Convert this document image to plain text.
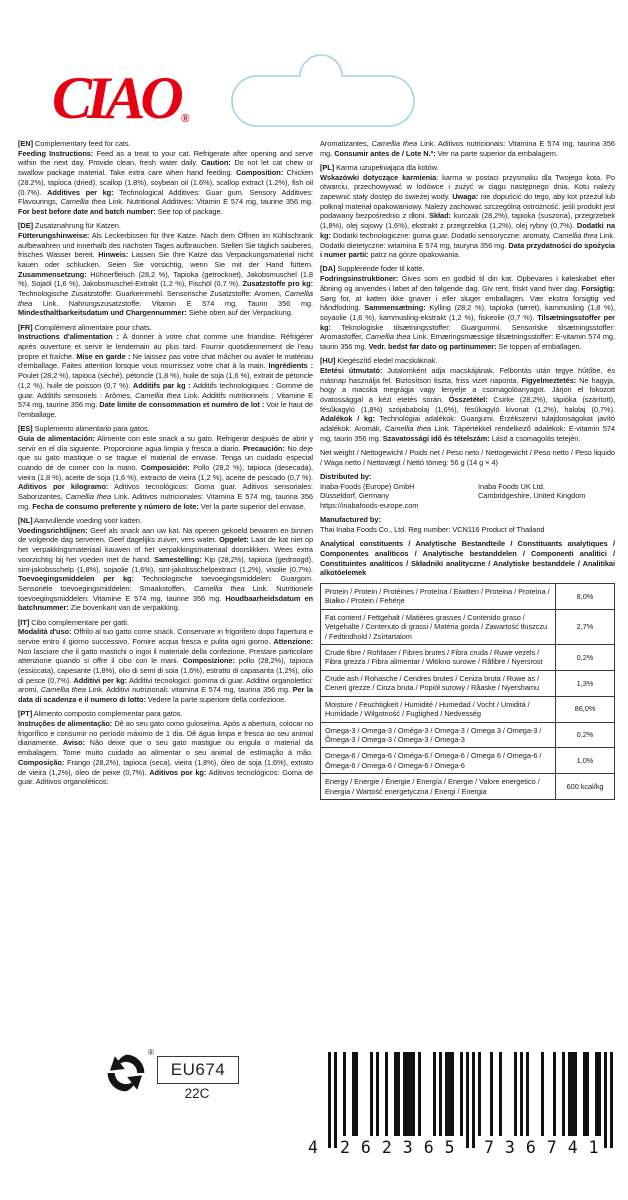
CIAO ®
[EN] Complementary feed for cats.
Feeding Instructions: Feed as a treat to your cat. Refrigerate after opening and serve within the next day. Provide clean, fresh water daily. Caution: Do not let cat chew or swallow package material. Take extra care when hand feeding. Composition: Chicken (28.2%), tapioca (dried), scallop (1.8%), soybean oil (1.6%), scallop extract (1.2%), fish oil (0.7%). Additives per kg: Technological Additives: Guar gum. Sensory Additives: Flavourings, Camellia thea Link. Nutritional Additives: Vitamin E 574 mg, taurine 356 mg. For best before date and batch number: See top of package.
[DE] Zusatznahrung für Katzen.
Fütterungshinweise: Als Leckerbissen für Ihre Katze. Nach dem Öffnen im Kühlschrank aufbewahren und innerhalb des nächsten Tages aufbrauchen. Stellen Sie täglich sauberes, frisches Wasser bereit. Hinweis: Lassen Sie Ihre Katze das Verpackungsmaterial nicht kauen oder schlucken. Seien Sie vorsichtig, wenn Sie mit der Hand füttern. Zusammensetzung: Hühnerfleisch (28,2 %), Tapioka (getrocknet), Jakobsmuschel (1,8 %), Sojaöl (1,6 %), Jakobsmuschel-Extrakt (1,2 %), Fischöl (0,7 %). Zusatzstoffe pro kg: Technologische Zusatzstoffe: Guarkernmehl. Sensorische Zusatzstoffe: Aromen, Camellia thea Link. Nahrungszusatzstoffe: Vitamin E 574 mg, Taurin 356 mg. Mindesthaltbarkeitsdatum und Chargennummer: Siehe oben auf der Verpackung.
[FR] Complément alimentaire pour chats.
Instructions d'alimentation : À donner à votre chat comme une friandise. Réfrigérer après ouverture et servir le lendemain au plus tard. Fournir quotidiennement de l'eau propre et fraîche. Mise en garde : Ne laissez pas votre chat mâcher ou avaler le matériau d'emballage. Faites attention lorsque vous nourrissez votre chat à la main. Ingrédients : Poulet (28,2 %), tapioca (séché), pétoncle (1,8 %), huile de soja (1,6 %), extrait de pétoncle (1,2 %), huile de poisson (0,7 %). Additifs par kg : Additifs technologiques : Gomme de guar. Additifs sensoriels : Arômes, Camellia thea Link. Additifs nutritionnels : Vitamine E 574 mg, taurine 356 mg. Date limite de consommation et numéro de lot : Voir le haut de l'emballage.
[ES] Suplemento alimentario para gatos.
Guía de alimentación: Alimente con este snack a su gato. Refrigerar después de abrir y servir en el día siguiente. Proporcione agua limpia y fresca a diario. Precaución: No deje que su gato mastique o se trague el material de envase. Tenga un cuidado especial cuando dé de comer con la mano. Composición: Pollo (28,2 %), tapioca (desecada), vieira (1,8 %), aceite de soja (1,6 %), extracto de vieira (1,2 %), aceite de pescado (0,7 %). Aditivos por kilogramo: Aditivos tecnológicos: Goma guar. Aditivos sensoriales: Saborizantes, Camellia thea Link. Aditivos nutricionales: Vitamina E 574 mg, taurina 356 mg. Fecha de consumo preferente y número de lote: Ver la parte superior del envase.
[NL] Aanvullende voeding voor katten.
Voedingsrichtlijnen: Geef als snack aan uw kat. Na openen gekoeld bewaren en binnen de volgende dag serveren. Geef dagelijks zuiver, vers water. Opgelet: Laat de kat niet op het verpakkingsmateriaal kauwen of het verpakkingsmateriaal doorslikken. Wees extra voorzichtig bij het voeden met de hand. Samestelling: Kip (28,2%), tapioca (gedroogd), sint-jakobsschelp (1,8%), sojaolie (1,6%), sint-jakobsschelpextract (1,2%), visolie (0,7%). Toevoegingsmiddelen per kg: Technologische toevoegingsmiddelen: Guargom. Sensoriële toevoegingsmiddelen: Smaakstoffen, Camellia thea Link. Nutritionele toevoegingsmiddelen: Vitamine E 574 mg, taurine 356 mg. Houdbaarheidsdatum en batchnummer: Zie bovenkant van de verpakking.
[IT] Cibo complementare per gatti.
Modalità d'uso: Offrilo al tuo gatto come snack. Conservare in frigorifero dopo l'apertura e servire entro il giorno successivo. Fornire acqua fresca e pulita ogni giorno. Attenzione: Non lasciare che il gatto mastichi o ingoi il materiale della confezione. Prestare particolare attenzione quando si offre il cibo con le mani. Composizione: pollo (28,2%), tapioca (essiccata), capesante (1,8%), olio di semi di soia (1,6%), estratto di capasanta (1,2%), olio di pesce (0,7%). Additivi per kg: Additivi tecnologici: gomma di guar. Additivi organolettici: aromi, Camellia thea Link. Additivi nutrizionali: vitamina E 574 mg, taurina 356 mg. Per la data di scadenza e il numero di lotto: Vedere la parte superiore della confezione.
[PT] Alimento composto complementar para gatos.
Instruções de alimentação: Dê ao seu gato como guloseima. Após a abertura, colocar no frigorífico e consumir no período máximo de 1 dia. Dê água limpa e fresca ao seu animal diariamente. Aviso: Não deixe que o seu gato mastigue ou engula o material da embalagem. Tome muito cuidado ao alimentar o seu animal de estimação à mão. Composição: Frango (28,2%), tapioca (seca), vieira (1,8%), óleo de soja (1,6%), extrato de vieira (1,2%), óleo de peixe (0,7%). Aditivos por kg: Aditivos tecnológicos: Goma de guar. Aditivos organoléticos:
Aromatizantes, Camellia thea Link. Aditivos nutricionais: Vitamina E 574 mg, taurina 356 mg. Consumir antes de / Lote N.º: Ver na parte superior da embalagem.
[PL] Karma uzupełniająca dla kotów.
Wskazówki dotyczące karmienia: karma w postaci przysmaku dla Twojego kota. Po otwarciu, przechowywać w lodówce i zużyć w ciągu następnego dnia. Kotu należy zapewnić stały dostęp do świeżej wody. Uwaga: nie dopuścić do tego, aby kot przeżuł lub połknął materiał opakowaniowy. Należy zachować szczególną ostrożność, jeśli produkt jest podawany bezpośrednio z dłoni. Skład: kurczak (28,2%), tapioka (suszona), przegrzebek (1,8%), olej sojowy (1,6%), ekstrakt z przegrzebka (1,2%), olej rybny (0,7%). Dodatki na kg: Dodatki technologiczne: guma guar. Dodatki sensoryczne: aromaty, Camellia thea Link. Dodatki dietetyczne: witamina E 574 mg, tauryna 356 mg. Data przydatności do spożycia i numer partii: patrz na górze opakowania.
[DA] Supplerende foder til katte.
Fodringsinstruktioner: Gives som en godbid til din kat. Opbevares i køleskabet efter åbning og anvendes i løbet af den følgende dag. Giv rent, friskt vand hver dag. Forsigtig: Sørg for, at katten ikke gnaver i eller sluger emballagen. Vær ekstra forsigtig ved håndfodring. Sammensætning: Kylling (28,2 %), tapioka (tørret), kammusling (1,8 %), soyaolie (1,6 %), kammusling-ekstrakt (1,2 %), fiskeolie (0,7 %). Tilsætningsstoffer per kg: Teknologiske tilsætningsstoffer: Guargummi. Sensoriske tilsætningsstoffer: Aromastoffer, Camellia thea Link. Ernæringsmæssige tilsætningsstoffer: E-vitamin 574 mg, taurin 356 mg. Vedr. bedst før dato og partinummer: Se toppen af emballagen.
[HU] Kiegészítő eledel macskáknak.
Etetési útmutató: Jutalomként adja macskájának. Felbontás után tegye hűtőbe, és másnap használja fel. Biztosítson tiszta, friss vizet naponta. Figyelmeztetés: Ne hagyja, hogy a macska megrágja vagy lenyelje a csomagolóanyagot. Járjon el fokozott óvatossággal a kézi etetés során. Összetétel: Csirke (28,2%), tápióka (szárított), fésűkagyló (1,8%) szójababolaj (1,6%), fésűkagyló kivonat (1,2%), halolaj (0,7%). Adalékok / kg: Technológiai adalékok: Guargumi. Érzékszervi tulajdonságokat javító adalékok: Aromák, Camellia thea Link. Tápértékkel rendelkező adalékok: E-vitamin 574 mg, taurin 356 mg. Szavatossági idő és tételszám: Lásd a csomagolás tetején.
Net weight / Nettogewicht / Poids net / Peso neto / Nettogewicht / Peso netto / Peso liquido / Waga netto / Nettovægt / Nettó tömeg: 56 g (14 g × 4)
Distributed by:
Inaba-Foods (Europe) GmbH
Düsseldorf, Germany
https://inabafoods-europe.com
Inaba Foods UK Ltd.
Cambridgeshire, United Kingdom
Manufactured by:
Thai Inaba Foods Co., Ltd. Reg number: VCN116 Product of Thailand
Analytical constituents / Analytische Bestandteile / Constituants analytiques / Componentes analíticos / Analytische bestanddelen / Componenti analitici / Constituintes analíticos / Składniki analityczne / Analytiske bestanddele / Analitikai alkotóelemek
Protein / Protein / Protéines / Proteína / Eiwitten / Proteina / Proteína / Białko / Protein / Fehérje	8,0%
Fat content / Fettgehalt / Matières grasses / Contenido graso / Vetgehalte / Contenuto di grassi / Matéria gorda / Zawartość tłuszczu / Fedtindhold / Zsírtartalom	2,7%
Crude fibre / Rohfaser / Fibres brutes / Fibra cruda / Ruwe vezels / Fibra grezza / Fibra alimentar / Włókno surowe / Råfibre / Nyersrost	0,2%
Crude ash / Rohasche / Cendres brutes / Ceniza bruta / Ruwe as / Ceneri grezze / Cinza bruta / Popiół surowy / Råaske / Nyershamu	1,3%
Moisture / Feuchtigkeit / Humidité / Humedad / Vocht / Umidità / Humidade / Wilgotność / Fugtighed / Nedvesség	86,0%
Omega-3 / Omega-3 / Oméga-3 / Omega-3 / Omega 3 / Omega-3 / Ômega-3 / Omega-3 / Omega-3 / Omega-3	0,2%
Omega-6 / Omega-6 / Oméga-6 / Omega-6 / Omega 6 / Omega-6 / Ômega-6 / Omega-6 / Omega-6 / Omega-6	1,0%
Energy / Energie / Énergie / Energía / Energie / Valore energetico / Energia / Wartość energetyczna / Energi / Energia	600 kcal/kg
®
EU674
22C
4 262365 736741
